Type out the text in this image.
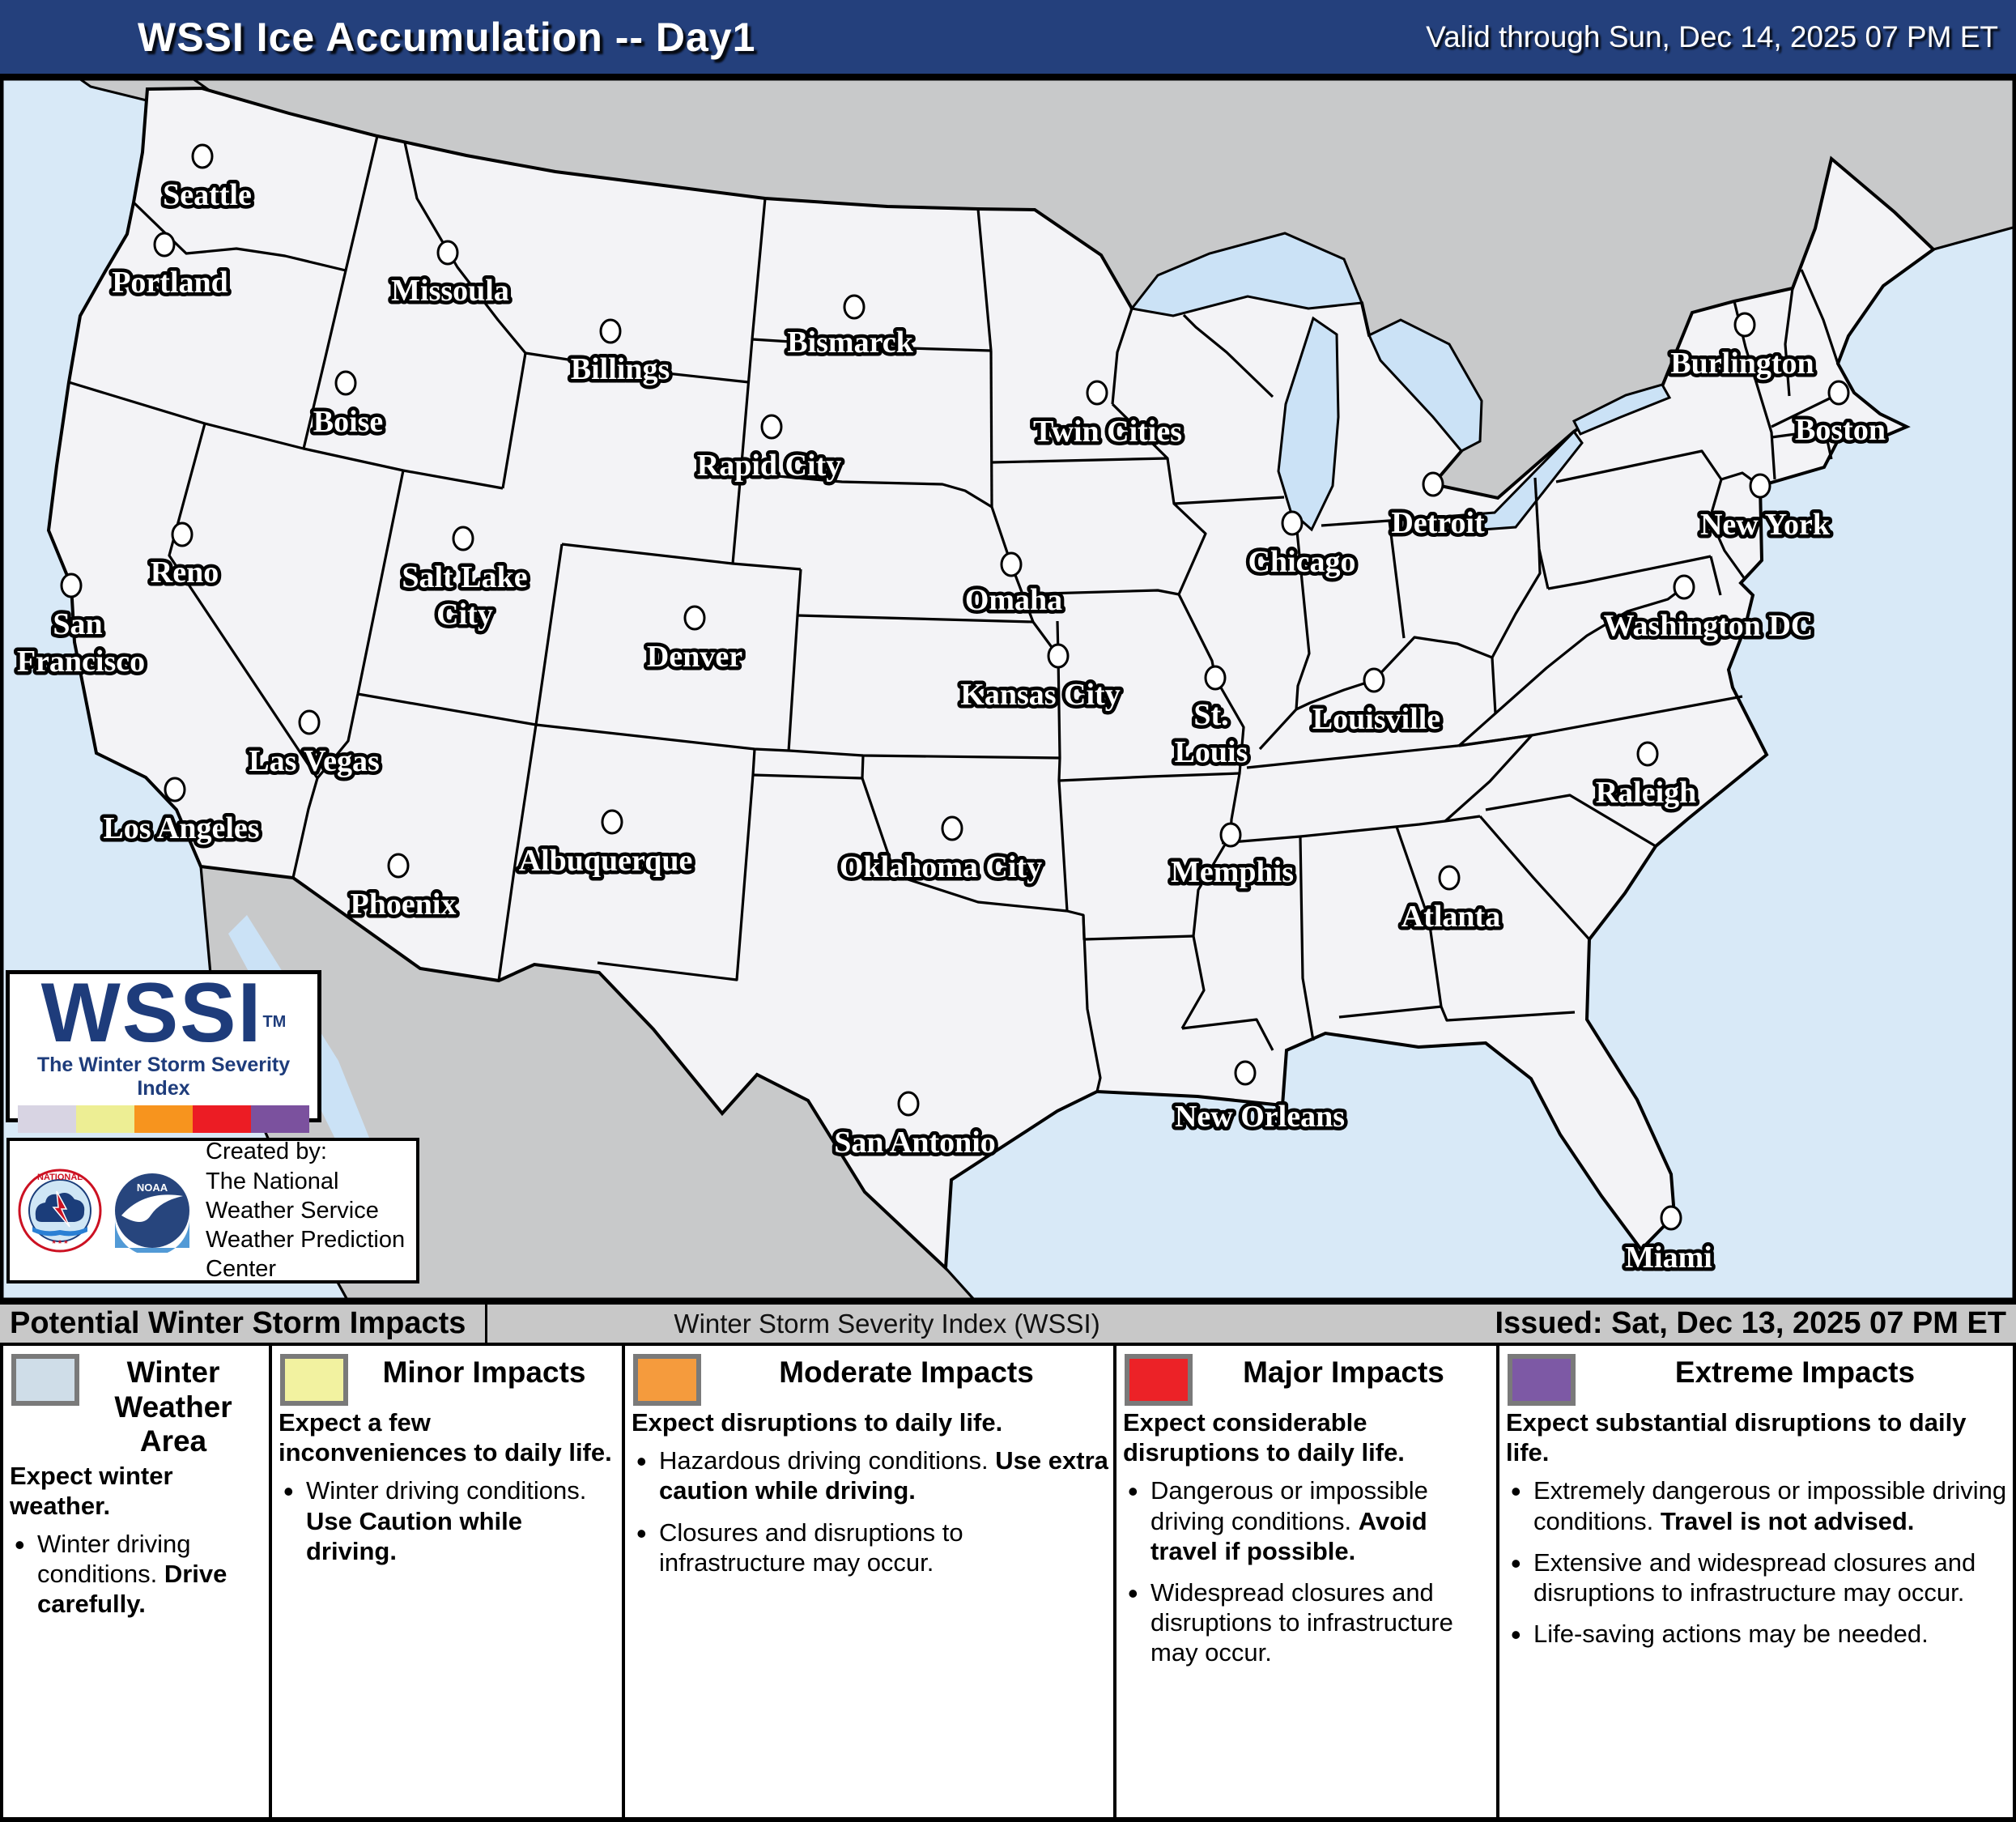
WSSI Ice Accumulation -- Day1	Valid through Sun, Dec 14, 2025 07 PM ET
Seattle
Portland	Missoula
Boise
Billings
Bismarck
Rapid City
Twin Cities
Omaha
Kansas City
Denver
Salt Lake
City
Chicago
Detroit
St.
Louis
Louisville
Burlington
Boston
New York
Washington DC
Raleigh
Atlanta
Memphis
Oklahoma City
San Antonio
New Orleans
Miami
Reno
San
Francisco
Las Vegas
Los Angeles
Phoenix
Albuquerque
WSSITM
The Winter Storm Severity Index
NATIONAL
* * *
NOAA
Created by:
The National Weather Service
Weather Prediction Center
Potential Winter Storm Impacts	Winter Storm Severity Index (WSSI)	Issued: Sat, Dec 13, 2025 07 PM ET
Winter Weather Area
Expect winter weather.
• Winter driving conditions. Drive carefully.
Minor Impacts
Expect a few inconveniences to daily life.
• Winter driving conditions. Use Caution while driving.
Moderate Impacts
Expect disruptions to daily life.
• Hazardous driving conditions. Use extra caution while driving.
• Closures and disruptions to infrastructure may occur.
Major Impacts
Expect considerable disruptions to daily life.
• Dangerous or impossible driving conditions. Avoid travel if possible.
• Widespread closures and disruptions to infrastructure may occur.
Extreme Impacts
Expect substantial disruptions to daily life.
• Extremely dangerous or impossible driving conditions. Travel is not advised.
• Extensive and widespread closures and disruptions to infrastructure may occur.
• Life-saving actions may be needed.
